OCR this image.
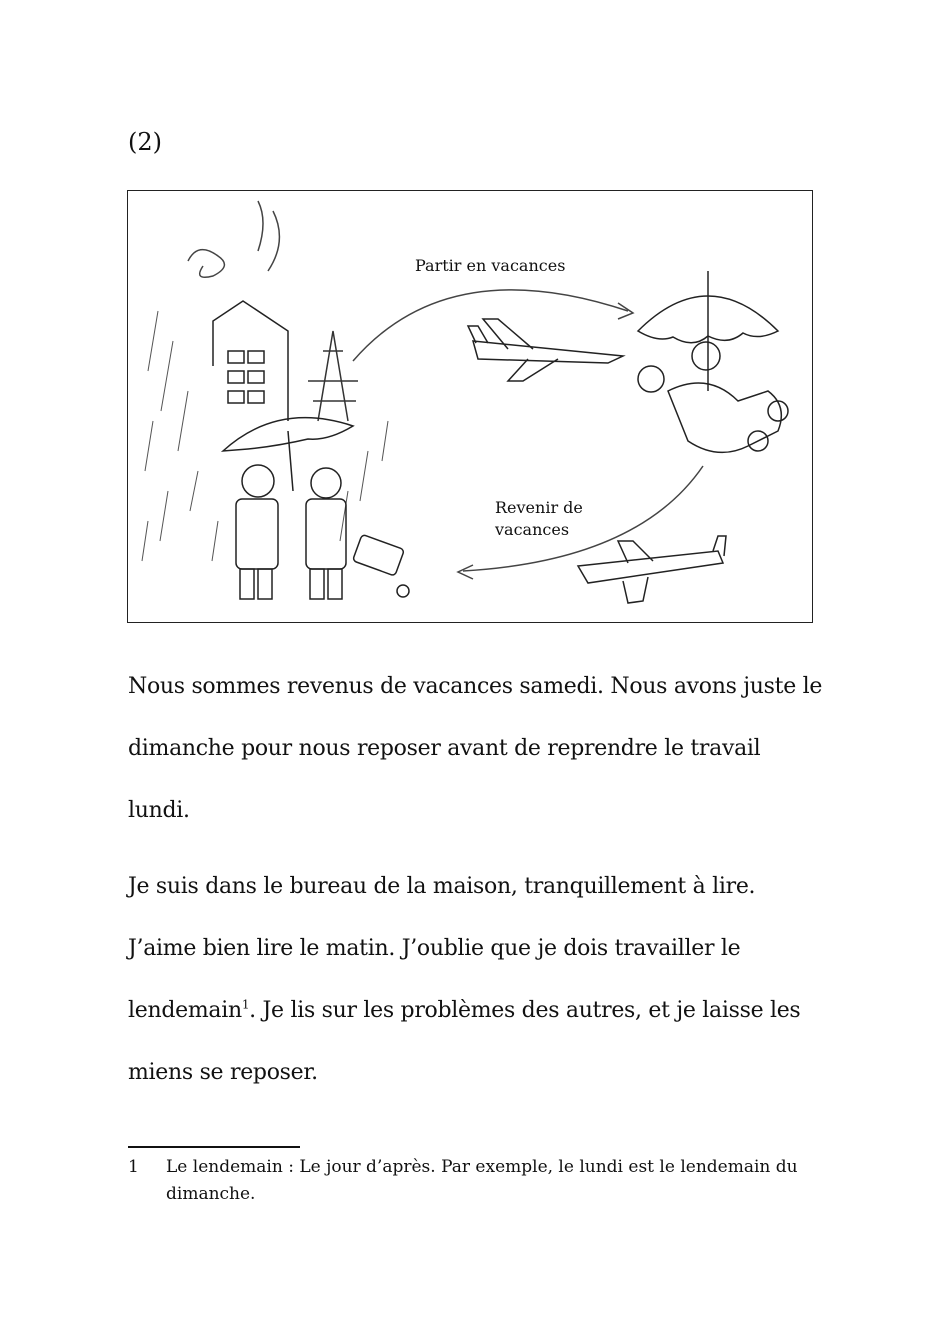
(2)
Partir en vacances
Revenir de vacances

Nous sommes revenus de vacances samedi. Nous avons juste le dimanche pour nous reposer avant de reprendre le travail lundi.

Je suis dans le bureau de la maison, tranquillement à lire. J’aime bien lire le matin. J’oublie que je dois travailler le lendemain$^1$. Je lis sur les problèmes des autres, et je laisse les miens se reposer.

1 Le lendemain : Le jour d’après. Par exemple, le lundi est le lendemain du dimanche.
